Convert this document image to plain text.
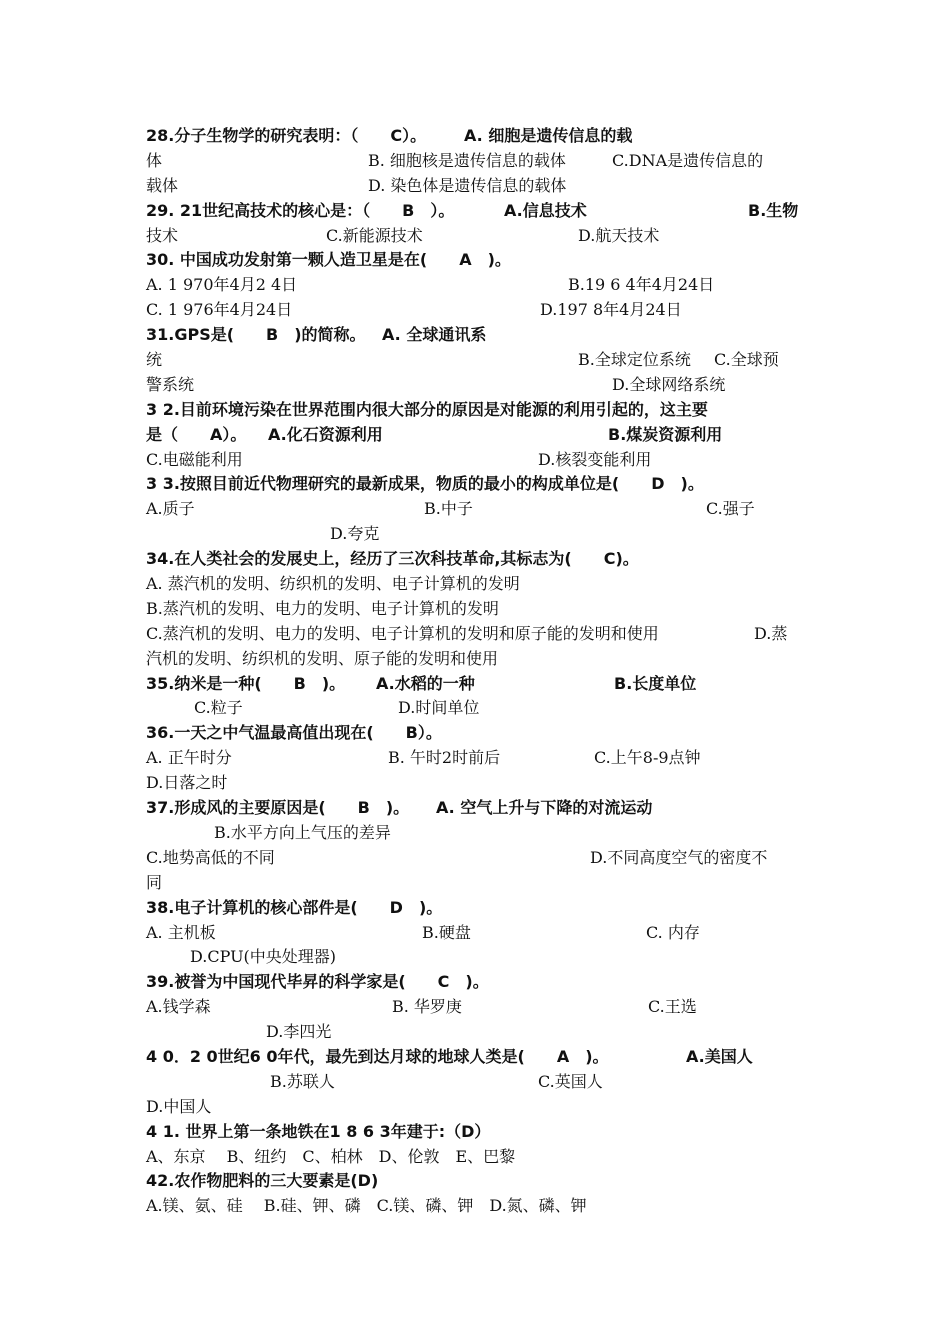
28.分子生物学的研究表明：（　　C）。 A. 细胞是遗传信息的载
体	B. 细胞核是遗传信息的载体	C.DNA是遗传信息的
载体	D. 染色体是遗传信息的载体
29. 21世纪高技术的核心是：（　　B　）。	A.信息技术	B.生物
技术	C.新能源技术	D.航天技术
30. 中国成功发射第一颗人造卫星是在(　　A　)。
A. 1 970年4月2 4日	B.19 6 4年4月24日
C. 1 976年4月24日	D.197 8年4月24日
31.GPS是(　　B　)的简称。 A. 全球通讯系
统	B.全球定位系统 C.全球预
警系统	D.全球网络系统
3 2.目前环境污染在世界范围内很大部分的原因是对能源的利用引起的，这主要
是（　　A）。 A.化石资源利用	B.煤炭资源利用
C.电磁能利用	D.核裂变能利用
3 3.按照目前近代物理研究的最新成果，物质的最小的构成单位是(　　D　)。
A.质子	B.中子	C.强子
D.夸克
34.在人类社会的发展史上，经历了三次科技革命,其标志为(　　C)。
A. 蒸汽机的发明、纺织机的发明、电子计算机的发明
B.蒸汽机的发明、电力的发明、电子计算机的发明
C.蒸汽机的发明、电力的发明、电子计算机的发明和原子能的发明和使用	D.蒸
汽机的发明、纺织机的发明、原子能的发明和使用
35.纳米是一种(　　B　)。 A.水稻的一种	B.长度单位
C.粒子	D.时间单位
36.一天之中气温最高值出现在(　　B）。
A. 正午时分	B. 午时2时前后	C.上午8-9点钟
D.日落之时
37.形成风的主要原因是(　　B　)。 A. 空气上升与下降的对流运动
B.水平方向上气压的差异
C.地势高低的不同	D.不同高度空气的密度不
同
38.电子计算机的核心部件是(　　D　)。
A. 主机板	B.硬盘	C. 内存
D.CPU(中央处理器)
39.被誉为中国现代毕昇的科学家是(　　C　)。
A.钱学森	B. 华罗庚	C.王选
D.李四光
4 0．2 0世纪6 0年代，最先到达月球的地球人类是(　　A　)。	A.美国人
B.苏联人	C.英国人
D.中国人
4 1. 世界上第一条地铁在1 8 6 3年建于:（D）
A、东京　 B、纽约　C、柏林　D、伦敦　E、巴黎
42.农作物肥料的三大要素是(D)
A.镁、氨、硅　 B.硅、钾、磷　C.镁、磷、钾　D.氮、磷、钾
